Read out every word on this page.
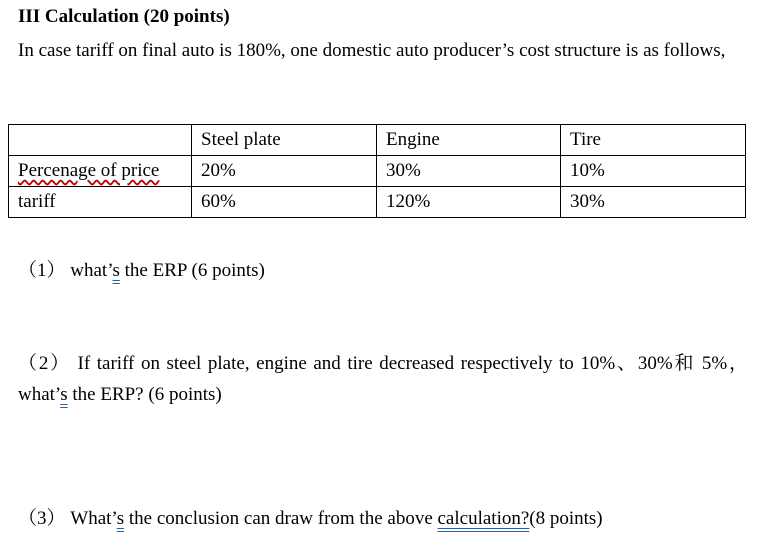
III Calculation (20 points)
In case tariff on final auto is 180%, one domestic auto producer’s cost structure is as follows,
	Steel plate	Engine	Tire
Percenage of price	20%	30%	10%
tariff	60%	120%	30%
（1） what’s the ERP (6 points)
（2） If tariff on steel plate, engine and tire decreased respectively to 10%、30%和 5%，what’s the ERP? (6 points)
（3） What’s the conclusion can draw from the above calculation?(8 points)
